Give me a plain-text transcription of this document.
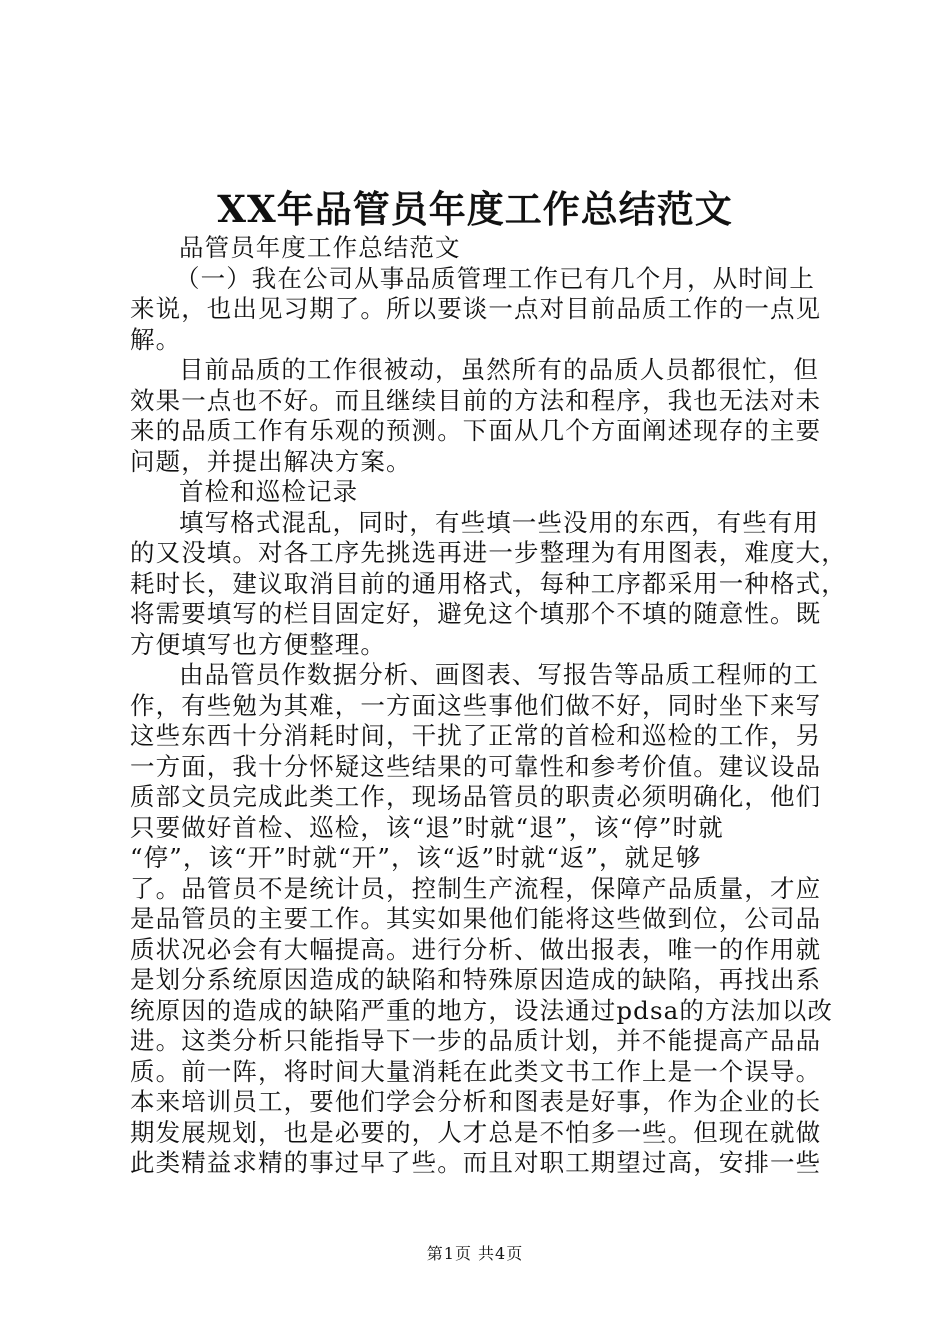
XX年品管员年度工作总结范文
品管员年度工作总结范文
（一）我在公司从事品质管理工作已有几个月，从时间上
来说，也出见习期了。所以要谈一点对目前品质工作的一点见
解。
目前品质的工作很被动，虽然所有的品质人员都很忙，但
效果一点也不好。而且继续目前的方法和程序，我也无法对未
来的品质工作有乐观的预测。下面从几个方面阐述现存的主要
问题，并提出解决方案。
首检和巡检记录
填写格式混乱，同时，有些填一些没用的东西，有些有用
的又没填。对各工序先挑选再进一步整理为有用图表，难度大，
耗时长，建议取消目前的通用格式，每种工序都采用一种格式，
将需要填写的栏目固定好，避免这个填那个不填的随意性。既
方便填写也方便整理。
由品管员作数据分析、画图表、写报告等品质工程师的工
作，有些勉为其难，一方面这些事他们做不好，同时坐下来写
这些东西十分消耗时间，干扰了正常的首检和巡检的工作，另
一方面，我十分怀疑这些结果的可靠性和参考价值。建议设品
质部文员完成此类工作，现场品管员的职责必须明确化，他们
只要做好首检、巡检，该“退”时就“退”，该“停”时就
“停”，该“开”时就“开”，该“返”时就“返”，就足够
了。品管员不是统计员，控制生产流程，保障产品质量，才应
是品管员的主要工作。其实如果他们能将这些做到位，公司品
质状况必会有大幅提高。进行分析、做出报表，唯一的作用就
是划分系统原因造成的缺陷和特殊原因造成的缺陷，再找出系
统原因的造成的缺陷严重的地方，设法通过pdsa的方法加以改
进。这类分析只能指导下一步的品质计划，并不能提高产品品
质。前一阵，将时间大量消耗在此类文书工作上是一个误导。
本来培训员工，要他们学会分析和图表是好事，作为企业的长
期发展规划，也是必要的，人才总是不怕多一些。但现在就做
此类精益求精的事过早了些。而且对职工期望过高，安排一些
第1页 共4页
